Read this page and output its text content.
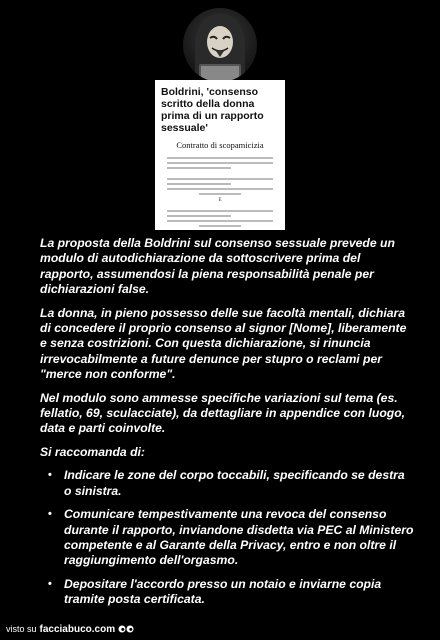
Boldrini, 'consenso scritto della donna prima di un rapporto sessuale'
Contratto di scopamicizia
E

La proposta della Boldrini sul consenso sessuale prevede un modulo di autodichiarazione da sottoscrivere prima del rapporto, assumendosi la piena responsabilità penale per dichiarazioni false.

La donna, in pieno possesso delle sue facoltà mentali, dichiara di concedere il proprio consenso al signor [Nome], liberamente e senza costrizioni. Con questa dichiarazione, si rinuncia irrevocabilmente a future denunce per stupro o reclami per "merce non conforme".

Nel modulo sono ammesse specifiche variazioni sul tema (es. fellatio, 69, sculacciate), da dettagliare in appendice con luogo, data e parti coinvolte.

Si raccomanda di:

• Indicare le zone del corpo toccabili, specificando se destra o sinistra.
• Comunicare tempestivamente una revoca del consenso durante il rapporto, inviandone disdetta via PEC al Ministero competente e al Garante della Privacy, entro e non oltre il raggiungimento dell'orgasmo.
• Depositare l'accordo presso un notaio e inviarne copia tramite posta certificata.
visto su facciabuco.com
